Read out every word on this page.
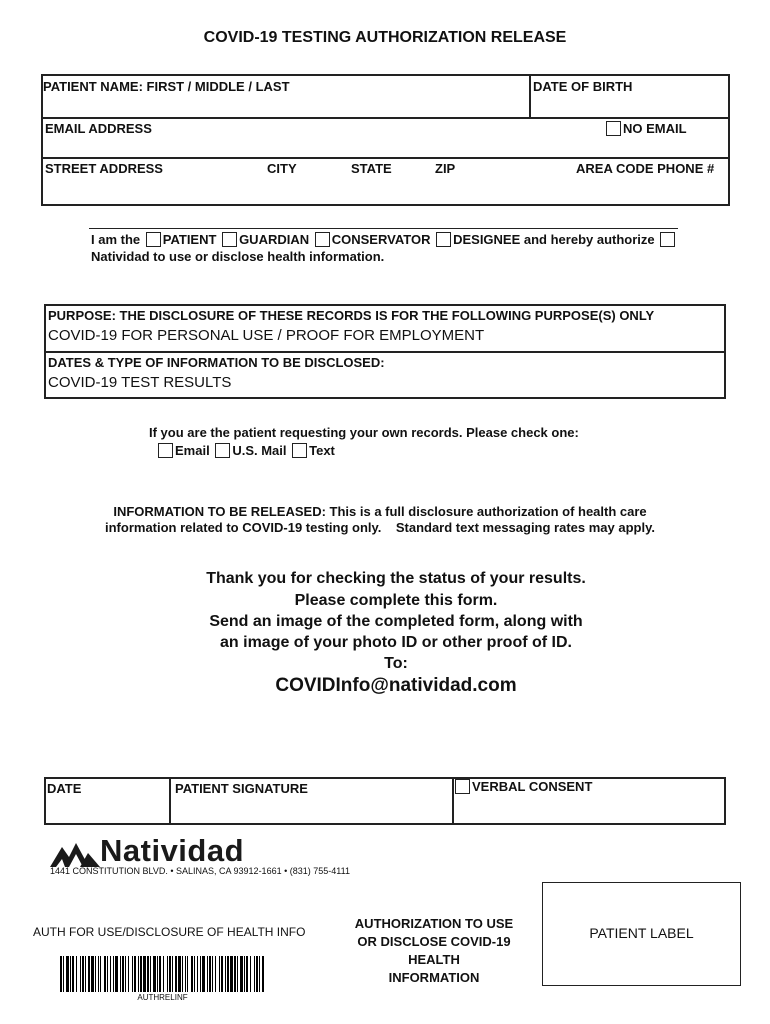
COVID-19 TESTING AUTHORIZATION RELEASE
PATIENT NAME: FIRST / MIDDLE / LAST	DATE OF BIRTH
EMAIL ADDRESS	NO EMAIL
STREET ADDRESS	CITY	STATE	ZIP	AREA CODE PHONE #
I am the PATIENT GUARDIAN CONSERVATOR DESIGNEE and hereby authorize
Natividad to use or disclose health information.
PURPOSE: THE DISCLOSURE OF THESE RECORDS IS FOR THE FOLLOWING PURPOSE(S) ONLY
COVID-19 FOR PERSONAL USE / PROOF FOR EMPLOYMENT
DATES & TYPE OF INFORMATION TO BE DISCLOSED:
COVID-19 TEST RESULTS
If you are the patient requesting your own records. Please check one:
Email U.S. Mail Text
INFORMATION TO BE RELEASED: This is a full disclosure authorization of health care
information related to COVID-19 testing only.    Standard text messaging rates may apply.
Thank you for checking the status of your results.
Please complete this form.
Send an image of the completed form, along with
an image of your photo ID or other proof of ID.
To:
COVIDInfo@natividad.com
DATE	PATIENT SIGNATURE	VERBAL CONSENT
Natividad
1441 CONSTITUTION BLVD. • SALINAS, CA 93912-1661 • (831) 755-4111
AUTH FOR USE/DISCLOSURE OF HEALTH INFO
AUTHRELINF
AUTHORIZATION TO USE
OR DISCLOSE COVID-19
HEALTH
INFORMATION
PATIENT LABEL
